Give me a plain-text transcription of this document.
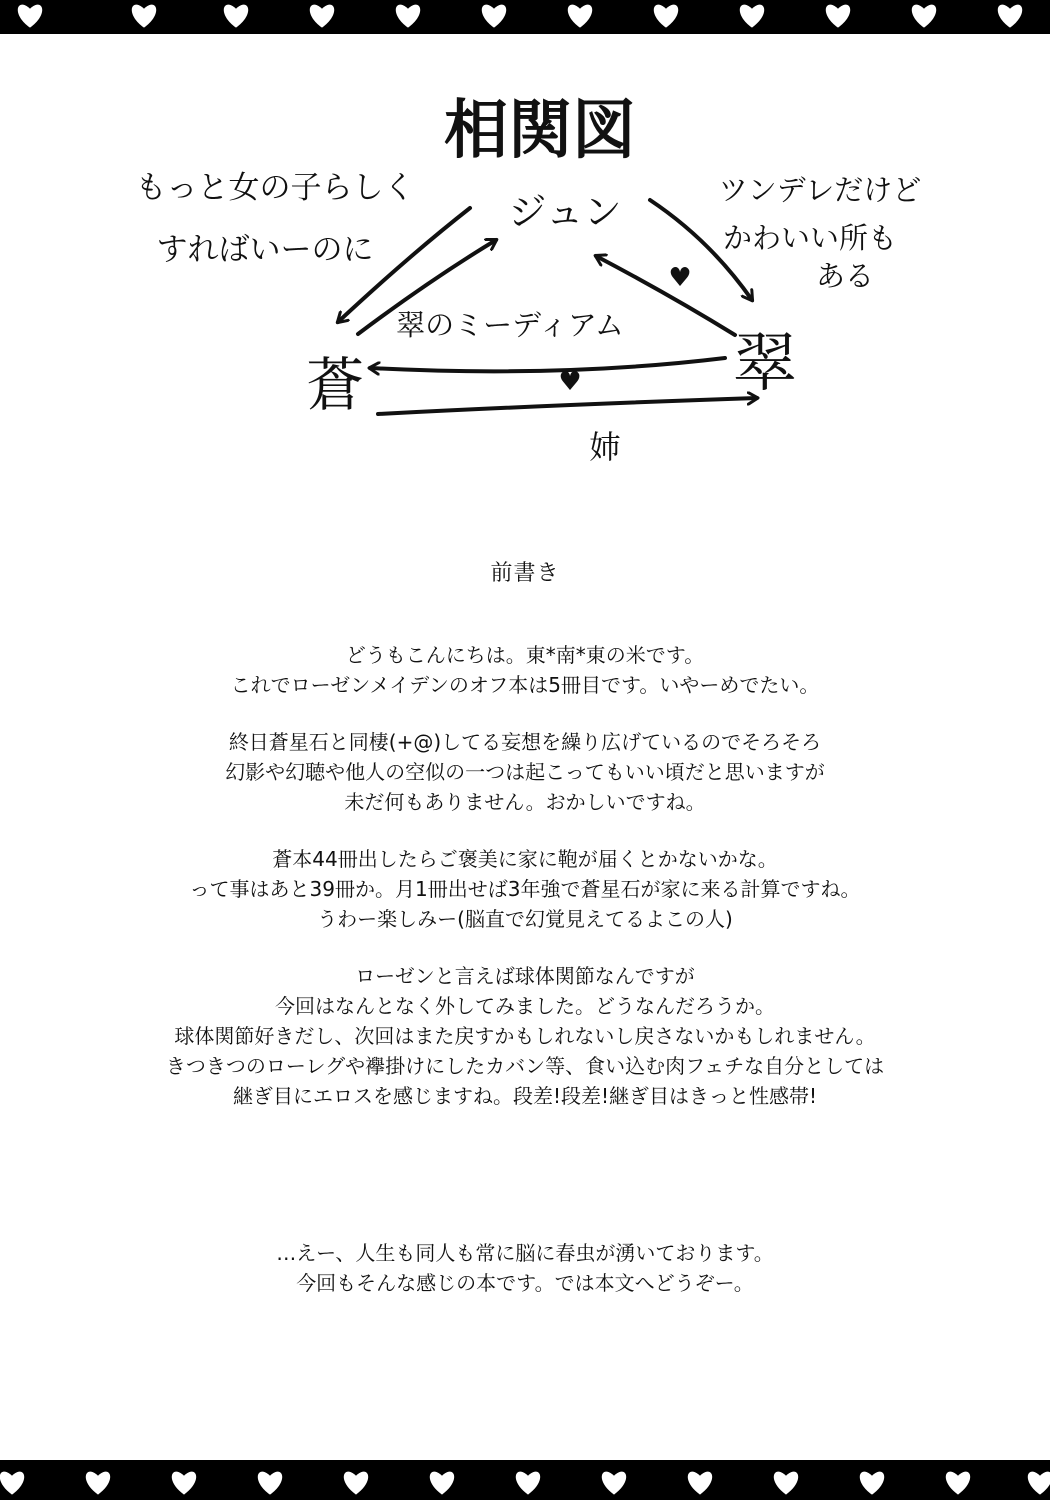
相関図
ジュン
蒼	翠
もっと女の子らしく
すればいーのに
ツンデレだけど
かわいい所も
ある
翠のミーディアム
姉
♥
♥
前書き

どうもこんにちは。東*南*東の米です。

これでローゼンメイデンのオフ本は5冊目です。いやーめでたい。

終日蒼星石と同棲(+@)してる妄想を繰り広げているのでそろそろ

幻影や幻聴や他人の空似の一つは起こってもいい頃だと思いますが

未だ何もありません。おかしいですね。

蒼本44冊出したらご褒美に家に鞄が届くとかないかな。

って事はあと39冊か。月1冊出せば3年強で蒼星石が家に来る計算ですね。

うわー楽しみー(脳直で幻覚見えてるよこの人)

ローゼンと言えば球体関節なんですが

今回はなんとなく外してみました。どうなんだろうか。

球体関節好きだし、次回はまた戻すかもしれないし戻さないかもしれません。

きつきつのローレグや襷掛けにしたカバン等、食い込む肉フェチな自分としては

継ぎ目にエロスを感じますね。段差!段差!継ぎ目はきっと性感帯!

…えー、人生も同人も常に脳に春虫が湧いております。

今回もそんな感じの本です。では本文へどうぞー。
